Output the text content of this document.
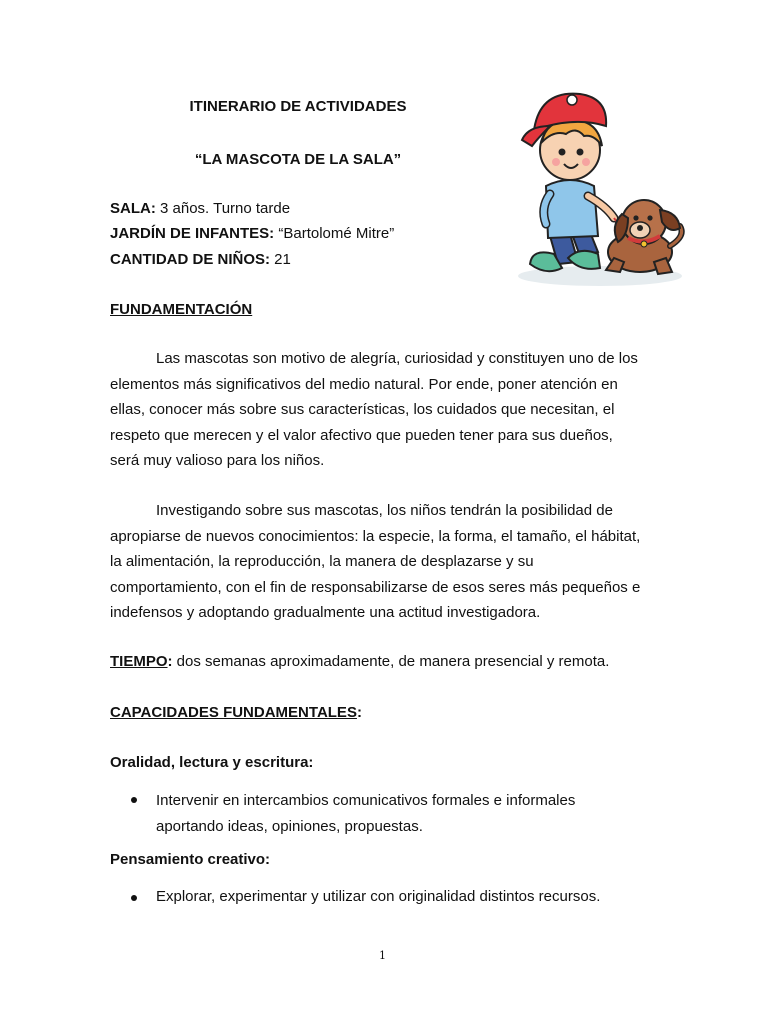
ITINERARIO DE ACTIVIDADES
“LA MASCOTA DE LA SALA”
SALA: 3 años. Turno tarde
JARDÍN DE INFANTES: “Bartolomé Mitre”
CANTIDAD DE NIÑOS: 21
FUNDAMENTACIÓN
Las mascotas son motivo de alegría, curiosidad y constituyen uno de los
elementos más significativos del medio natural. Por ende, poner atención en
ellas, conocer más sobre sus características, los cuidados que necesitan, el
respeto que merecen y el valor afectivo que pueden tener para sus dueños,
será muy valioso para los niños.
Investigando sobre sus mascotas, los niños tendrán la posibilidad de
apropiarse de nuevos conocimientos: la especie, la forma, el tamaño, el hábitat,
la alimentación, la reproducción, la manera de desplazarse y su
comportamiento, con el fin de responsabilizarse de esos seres más pequeños e
indefensos y adoptando gradualmente una actitud investigadora.
TIEMPO: dos semanas aproximadamente, de manera presencial y remota.
CAPACIDADES FUNDAMENTALES:
Oralidad, lectura y escritura:
Intervenir en intercambios comunicativos formales e informales
aportando ideas, opiniones, propuestas.
Pensamiento creativo:
Explorar, experimentar y utilizar con originalidad distintos recursos.
1
